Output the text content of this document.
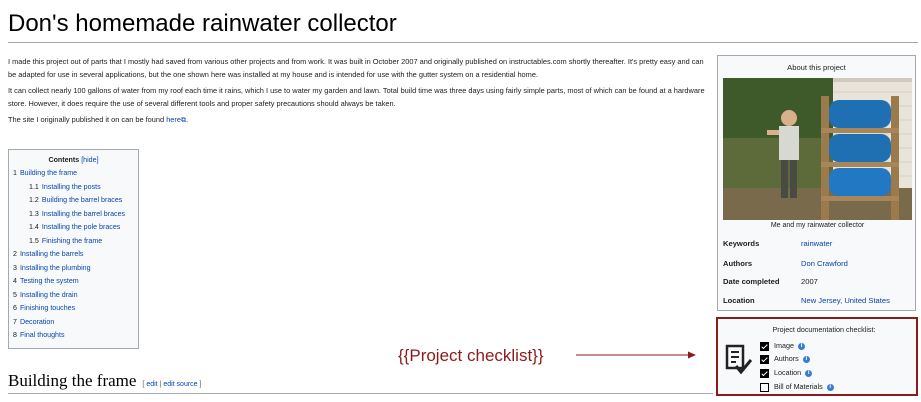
Don's homemade rainwater collector

I made this project out of parts that I mostly had saved from various other projects and from work. It was built in October 2007 and originally published on instructables.com shortly thereafter. It's pretty easy and can be adapted for use in several applications, but the one shown here was installed at my house and is intended for use with the gutter system on a residential home.

It can collect nearly 100 gallons of water from my roof each time it rains, which I use to water my garden and lawn. Total build time was three days using fairly simple parts, most of which can be found at a hardware store. However, it does require the use of several different tools and proper safety precautions should always be taken.

The site I originally published it on can be found here⧉.

Contents [hide]
1 Building the frame
1.1 Installing the posts
1.2 Building the barrel braces
1.3 Installing the barrel braces
1.4 Installing the pole braces
1.5 Finishing the frame
2 Installing the barrels
3 Installing the plumbing
4 Testing the system
5 Installing the drain
6 Finishing touches
7 Decoration
8 Final thoughts
About this project
Me and my rainwater collector
Keywords	rainwater
Authors	Don Crawford
Date completed	2007
Location	New Jersey, United States
Project documentation checklist:
Image i
Authors i
Location i
Bill of Materials i
{{Project checklist}}
Building the frame [ edit | edit source ]
